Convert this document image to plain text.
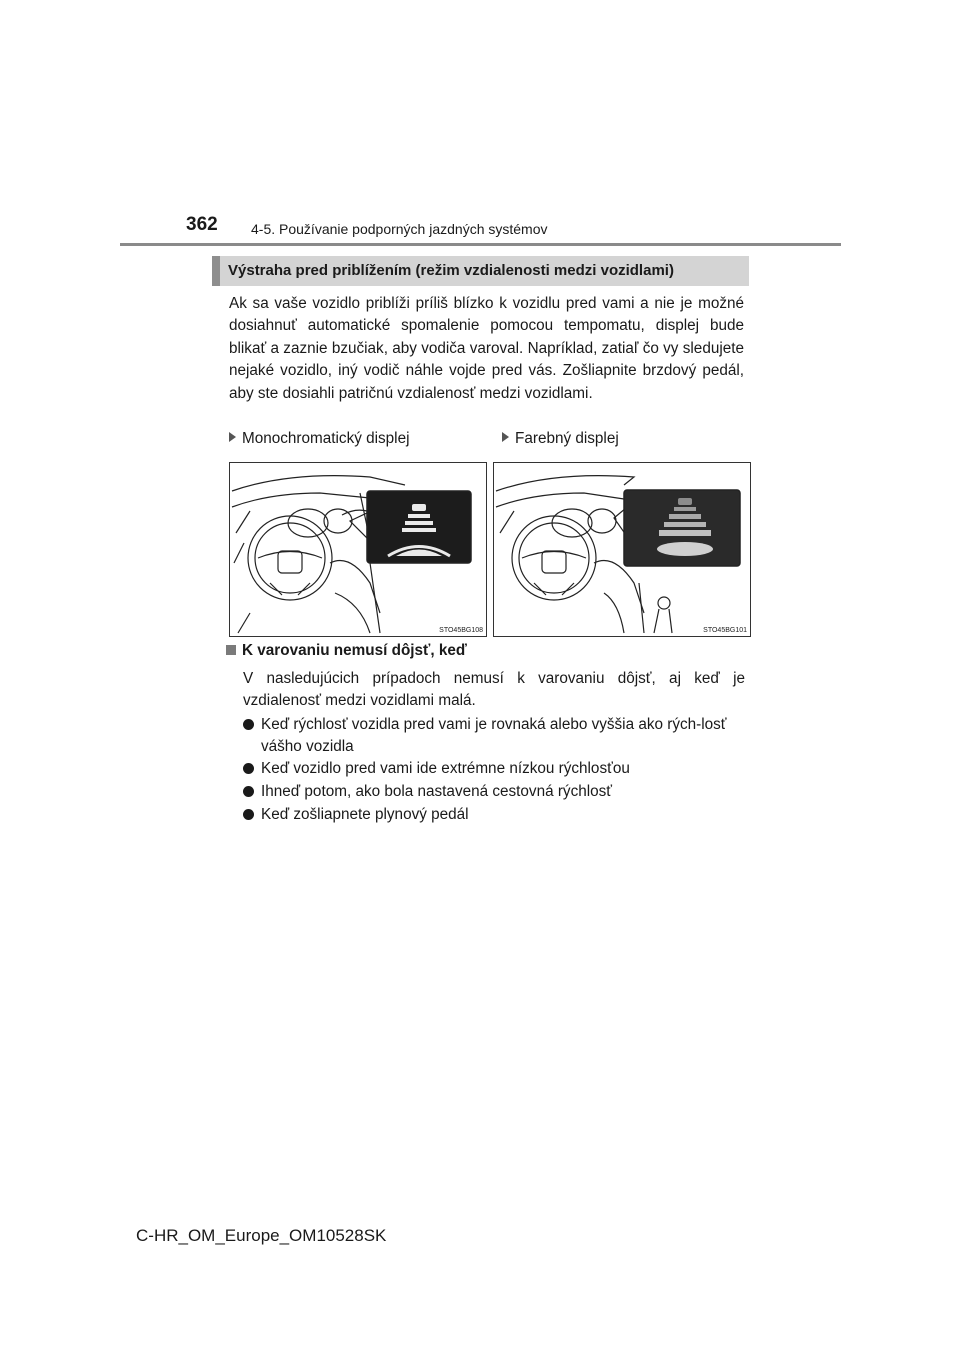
362 4-5. Používanie podporných jazdných systémov
Výstraha pred priblížením (režim vzdialenosti medzi vozidlami)
Ak sa vaše vozidlo priblíži príliš blízko k vozidlu pred vami a nie je možné dosiahnuť automatické spomalenie pomocou tempomatu, displej bude blikať a zaznie bzučiak, aby vodiča varoval. Napríklad, zatiaľ čo vy sledujete nejaké vozidlo, iný vodič náhle vojde pred vás. Zošliapnite brzdový pedál, aby ste dosiahli patričnú vzdialenosť medzi vozidlami.
Monochromatický displej	Farebný displej
STO45BG108	STO45BG101
K varovaniu nemusí dôjsť, keď
V nasledujúcich prípadoch nemusí k varovaniu dôjsť, aj keď je vzdialenosť medzi vozidlami malá.
Keď rýchlosť vozidla pred vami je rovnaká alebo vyššia ako rých-losť vášho vozidla
Keď vozidlo pred vami ide extrémne nízkou rýchlosťou
Ihneď potom, ako bola nastavená cestovná rýchlosť
Keď zošliapnete plynový pedál
C-HR_OM_Europe_OM10528SK
